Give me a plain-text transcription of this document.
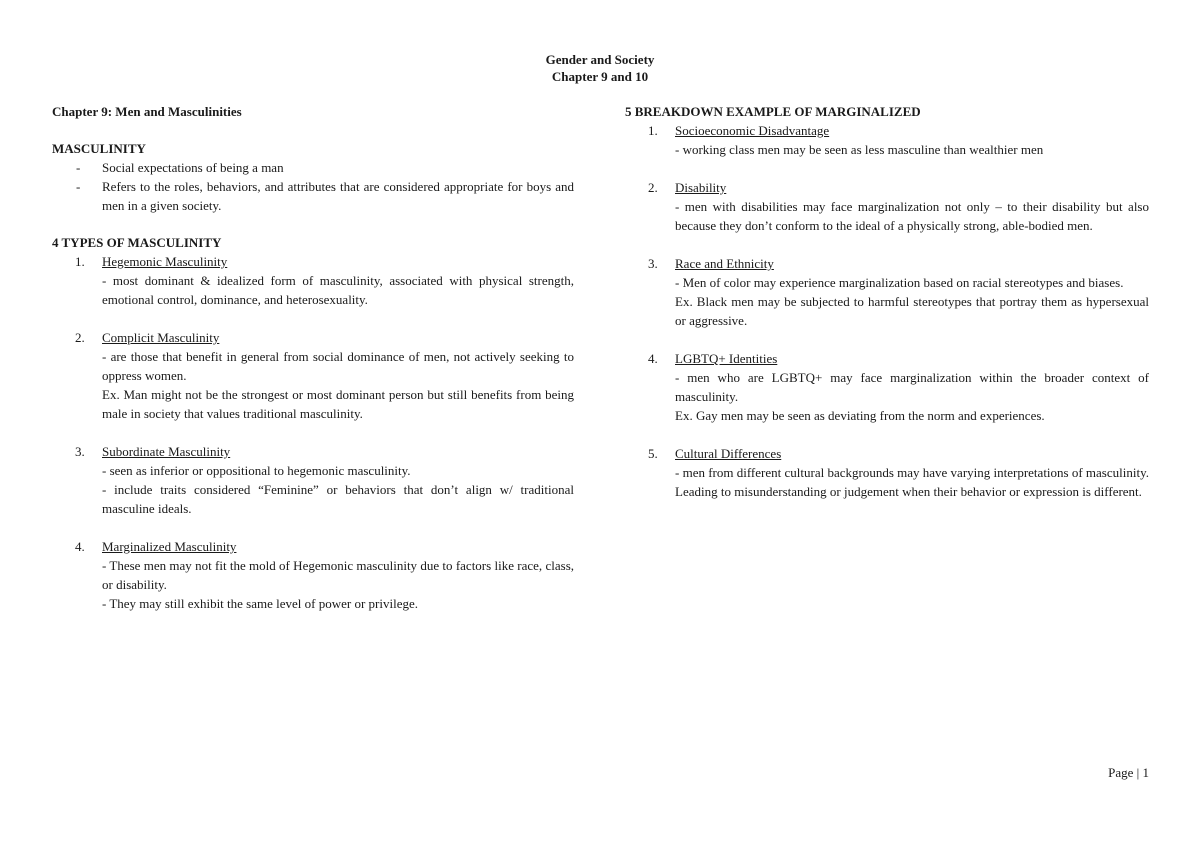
Gender and Society
Chapter 9 and 10
Chapter 9: Men and Masculinities
MASCULINITY
- Social expectations of being a man
- Refers to the roles, behaviors, and attributes that are considered appropriate for boys and men in a given society.
4 TYPES OF MASCULINITY
1. Hegemonic Masculinity
- most dominant & idealized form of masculinity, associated with physical strength, emotional control, dominance, and heterosexuality.
2. Complicit Masculinity
- are those that benefit in general from social dominance of men, not actively seeking to oppress women.
Ex. Man might not be the strongest or most dominant person but still benefits from being male in society that values traditional masculinity.
3. Subordinate Masculinity
- seen as inferior or oppositional to hegemonic masculinity.
- include traits considered “Feminine” or behaviors that don’t align w/ traditional masculine ideals.
4. Marginalized Masculinity
- These men may not fit the mold of Hegemonic masculinity due to factors like race, class, or disability.
- They may still exhibit the same level of power or privilege.
5 BREAKDOWN EXAMPLE OF MARGINALIZED
1. Socioeconomic Disadvantage
- working class men may be seen as less masculine than wealthier men
2. Disability
- men with disabilities may face marginalization not only – to their disability but also because they don’t conform to the ideal of a physically strong, able-bodied men.
3. Race and Ethnicity
- Men of color may experience marginalization based on racial stereotypes and biases.
Ex. Black men may be subjected to harmful stereotypes that portray them as hypersexual or aggressive.
4. LGBTQ+ Identities
- men who are LGBTQ+ may face marginalization within the broader context of masculinity.
Ex. Gay men may be seen as deviating from the norm and experiences.
5. Cultural Differences
- men from different cultural backgrounds may have varying interpretations of masculinity. Leading to misunderstanding or judgement when their behavior or expression is different.
Page | 1
